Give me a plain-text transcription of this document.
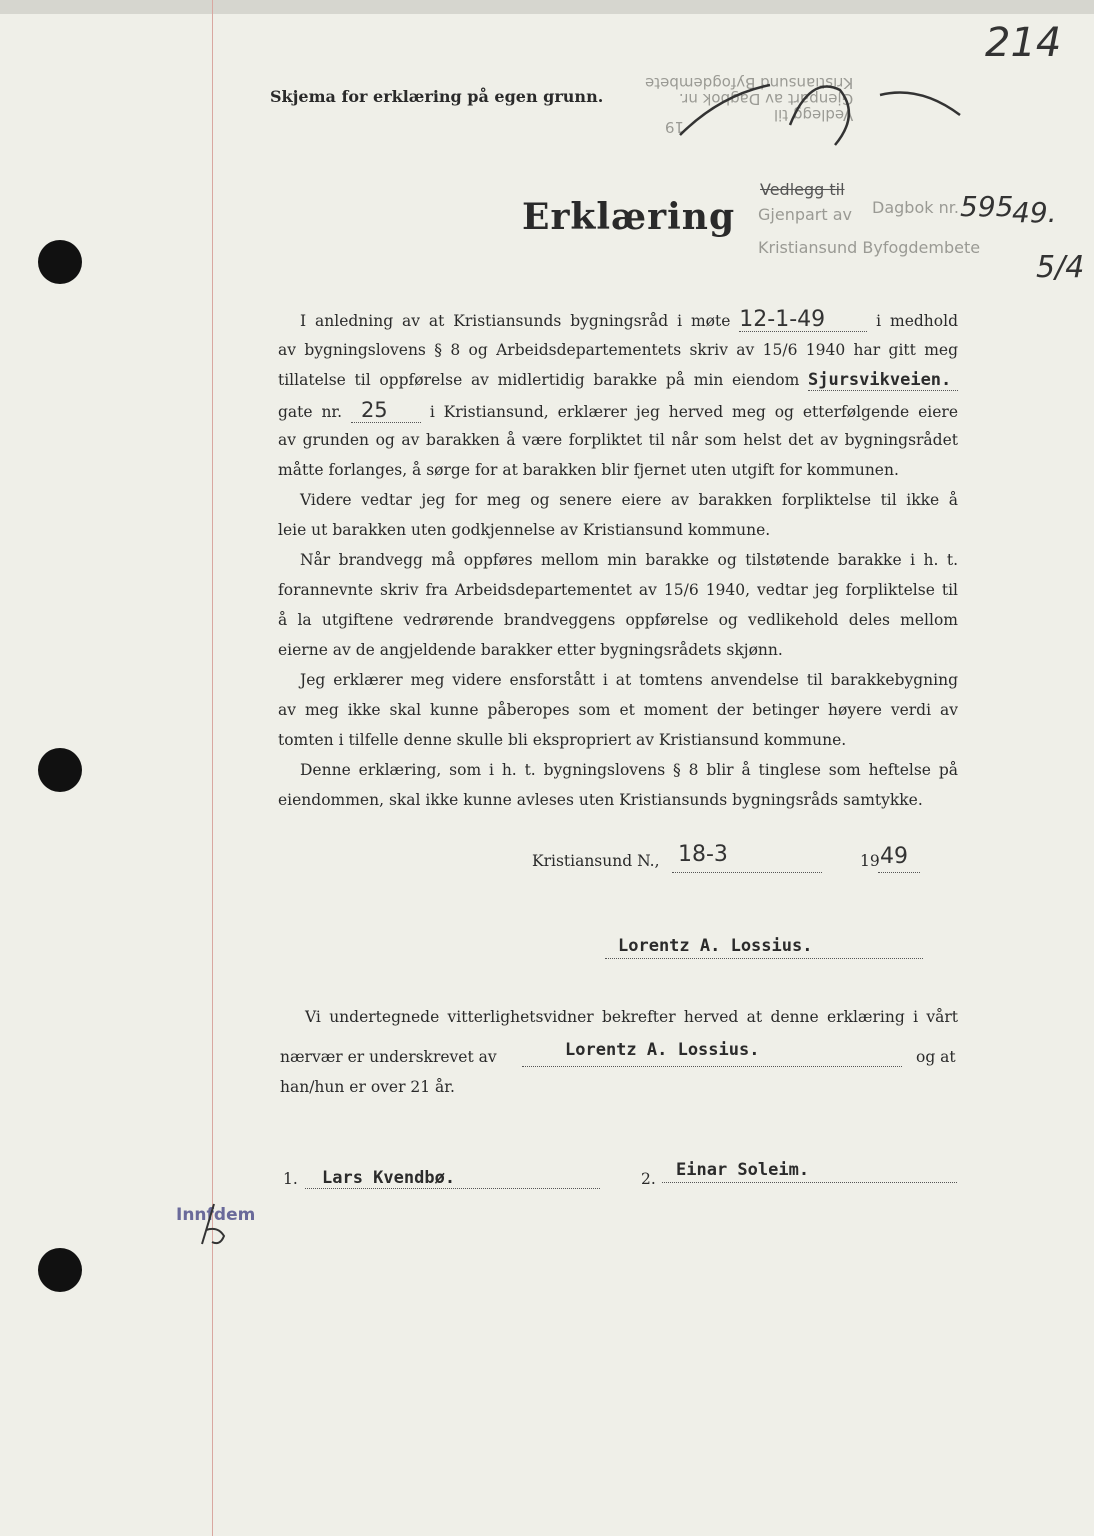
214
Vedlegg til
Gjenpart av Dagbok nr.
Kristiansund Byfogdembete
19
Skjema for erklæring på egen grunn.
Erklæring
Vedlegg til
Gjenpart av Dagbok nr.
Kristiansund Byfogdembete
595
49.
5/4
I anledning av at Kristiansunds bygningsråd i møte 12-1-49	i medhold
av bygningslovens § 8 og Arbeidsdepartementets skriv av 15/6 1940 har gitt meg
tillatelse til oppførelse av midlertidig barakke på min eiendom Sjursvikveien.
gate nr. 25	i Kristiansund, erklærer jeg herved meg og etterfølgende eiere
av grunden og av barakken å være forpliktet til når som helst det av bygningsrådet
måtte forlanges, å sørge for at barakken blir fjernet uten utgift for kommunen.
Videre vedtar jeg for meg og senere eiere av barakken forpliktelse til ikke å
leie ut barakken uten godkjennelse av Kristiansund kommune.
Når brandvegg må oppføres mellom min barakke og tilstøtende barakke i h. t.
forannevnte skriv fra Arbeidsdepartementet av 15/6 1940, vedtar jeg forpliktelse til
å la utgiftene vedrørende brandveggens oppførelse og vedlikehold deles mellom
eierne av de angjeldende barakker etter bygningsrådets skjønn.
Jeg erklærer meg videre ensforstått i at tomtens anvendelse til barakkebygning
av meg ikke skal kunne påberopes som et moment der betinger høyere verdi av
tomten i tilfelle denne skulle bli ekspropriert av Kristiansund kommune.
Denne erklæring, som i h. t. bygningslovens § 8 blir å tinglese som heftelse på
eiendommen, skal ikke kunne avleses uten Kristiansunds bygningsråds samtykke.
Kristiansund N., 18-3	19 49
Lorentz A. Lossius.
Vi undertegnede vitterlighetsvidner bekrefter herved at denne erklæring i vårt
nærvær er underskrevet av	Lorentz A. Lossius.	og at
han/hun er over 21 år.
1. Lars Kvendbø.	2. Einar Soleim.
Innfdem
